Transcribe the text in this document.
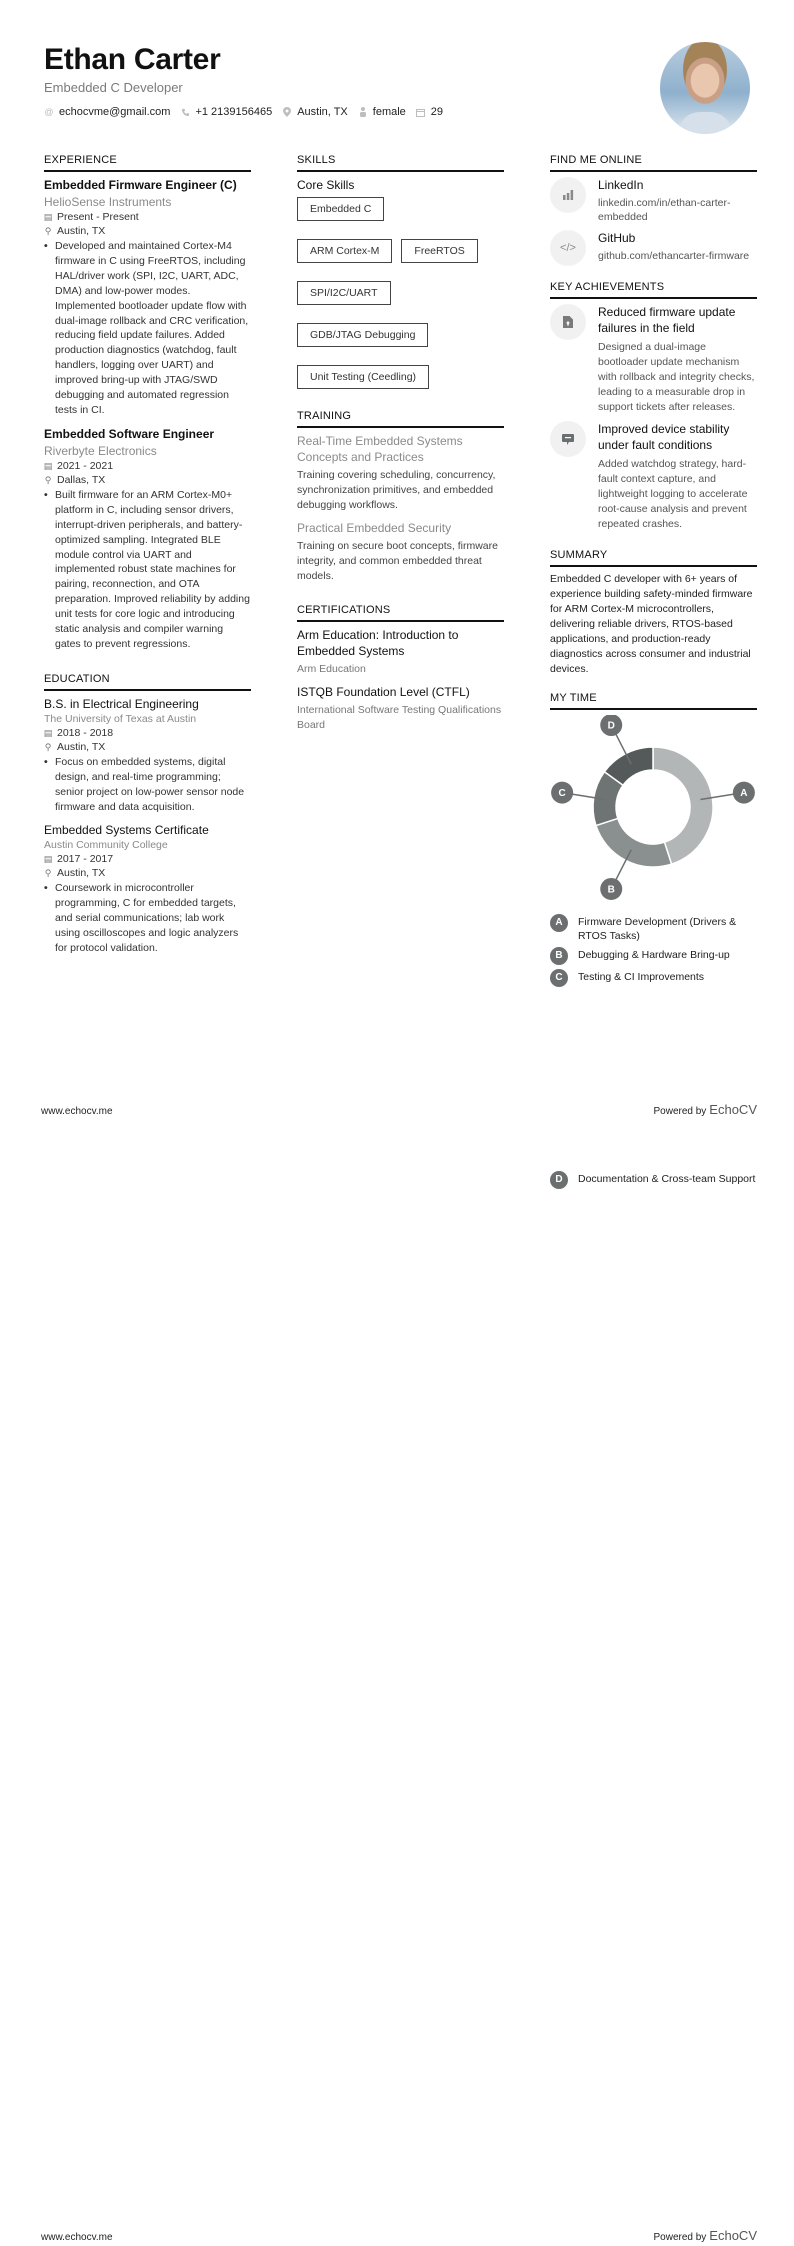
Ethan Carter
Embedded C Developer
@ echocvme@gmail.com +1 2139156465 Austin, TX female 29
EXPERIENCE
Embedded Firmware Engineer (C)
HelioSense Instruments
▤ Present - Present
⚲ Austin, TX
• Developed and maintained Cortex-M4 firmware in C using FreeRTOS, including HAL/driver work (SPI, I2C, UART, ADC, DMA) and low-power modes. Implemented bootloader update flow with dual-image rollback and CRC verification, reducing field update failures. Added production diagnostics (watchdog, fault handlers, logging over UART) and improved bring-up with JTAG/SWD debugging and automated regression tests in CI.
Embedded Software Engineer
Riverbyte Electronics
▤ 2021 - 2021
⚲ Dallas, TX
• Built firmware for an ARM Cortex-M0+ platform in C, including sensor drivers, interrupt-driven peripherals, and battery-optimized sampling. Integrated BLE module control via UART and implemented robust state machines for pairing, reconnection, and OTA preparation. Improved reliability by adding unit tests for core logic and introducing static analysis and compiler warning gates to prevent regressions.
EDUCATION
B.S. in Electrical Engineering
The University of Texas at Austin
▤ 2018 - 2018
⚲ Austin, TX
• Focus on embedded systems, digital design, and real-time programming; senior project on low-power sensor node firmware and data acquisition.
Embedded Systems Certificate
Austin Community College
▤ 2017 - 2017
⚲ Austin, TX
• Coursework in microcontroller programming, C for embedded targets, and serial communications; lab work using oscilloscopes and logic analyzers for protocol validation.
SKILLS
Core Skills
Embedded C
ARM Cortex-M	FreeRTOS
SPI/I2C/UART
GDB/JTAG Debugging
Unit Testing (Ceedling)
TRAINING
Real-Time Embedded Systems Concepts and Practices
Training covering scheduling, concurrency, synchronization primitives, and embedded debugging workflows.
Practical Embedded Security
Training on secure boot concepts, firmware integrity, and common embedded threat models.
CERTIFICATIONS
Arm Education: Introduction to Embedded Systems
Arm Education
ISTQB Foundation Level (CTFL)
International Software Testing Qualifications Board
FIND ME ONLINE
LinkedIn
linkedin.com/in/ethan-carter-embedded
</>
GitHub
github.com/ethancarter-firmware
KEY ACHIEVEMENTS
Reduced firmware update failures in the field
Designed a dual-image bootloader update mechanism with rollback and integrity checks, leading to a measurable drop in support tickets after releases.
Improved device stability under fault conditions
Added watchdog strategy, hard-fault context capture, and lightweight logging to accelerate root-cause analysis and prevent repeated crashes.
SUMMARY
Embedded C developer with 6+ years of experience building safety-minded firmware for ARM Cortex-M microcontrollers, delivering reliable drivers, RTOS-based applications, and production-ready diagnostics across consumer and industrial devices.
MY TIME
A
B
C
D
A	Firmware Development (Drivers & RTOS Tasks)
B	Debugging & Hardware Bring-up
C	Testing & CI Improvements
www.echocv.me	Powered by EchoCV
D	Documentation & Cross-team Support
www.echocv.me	Powered by EchoCV
